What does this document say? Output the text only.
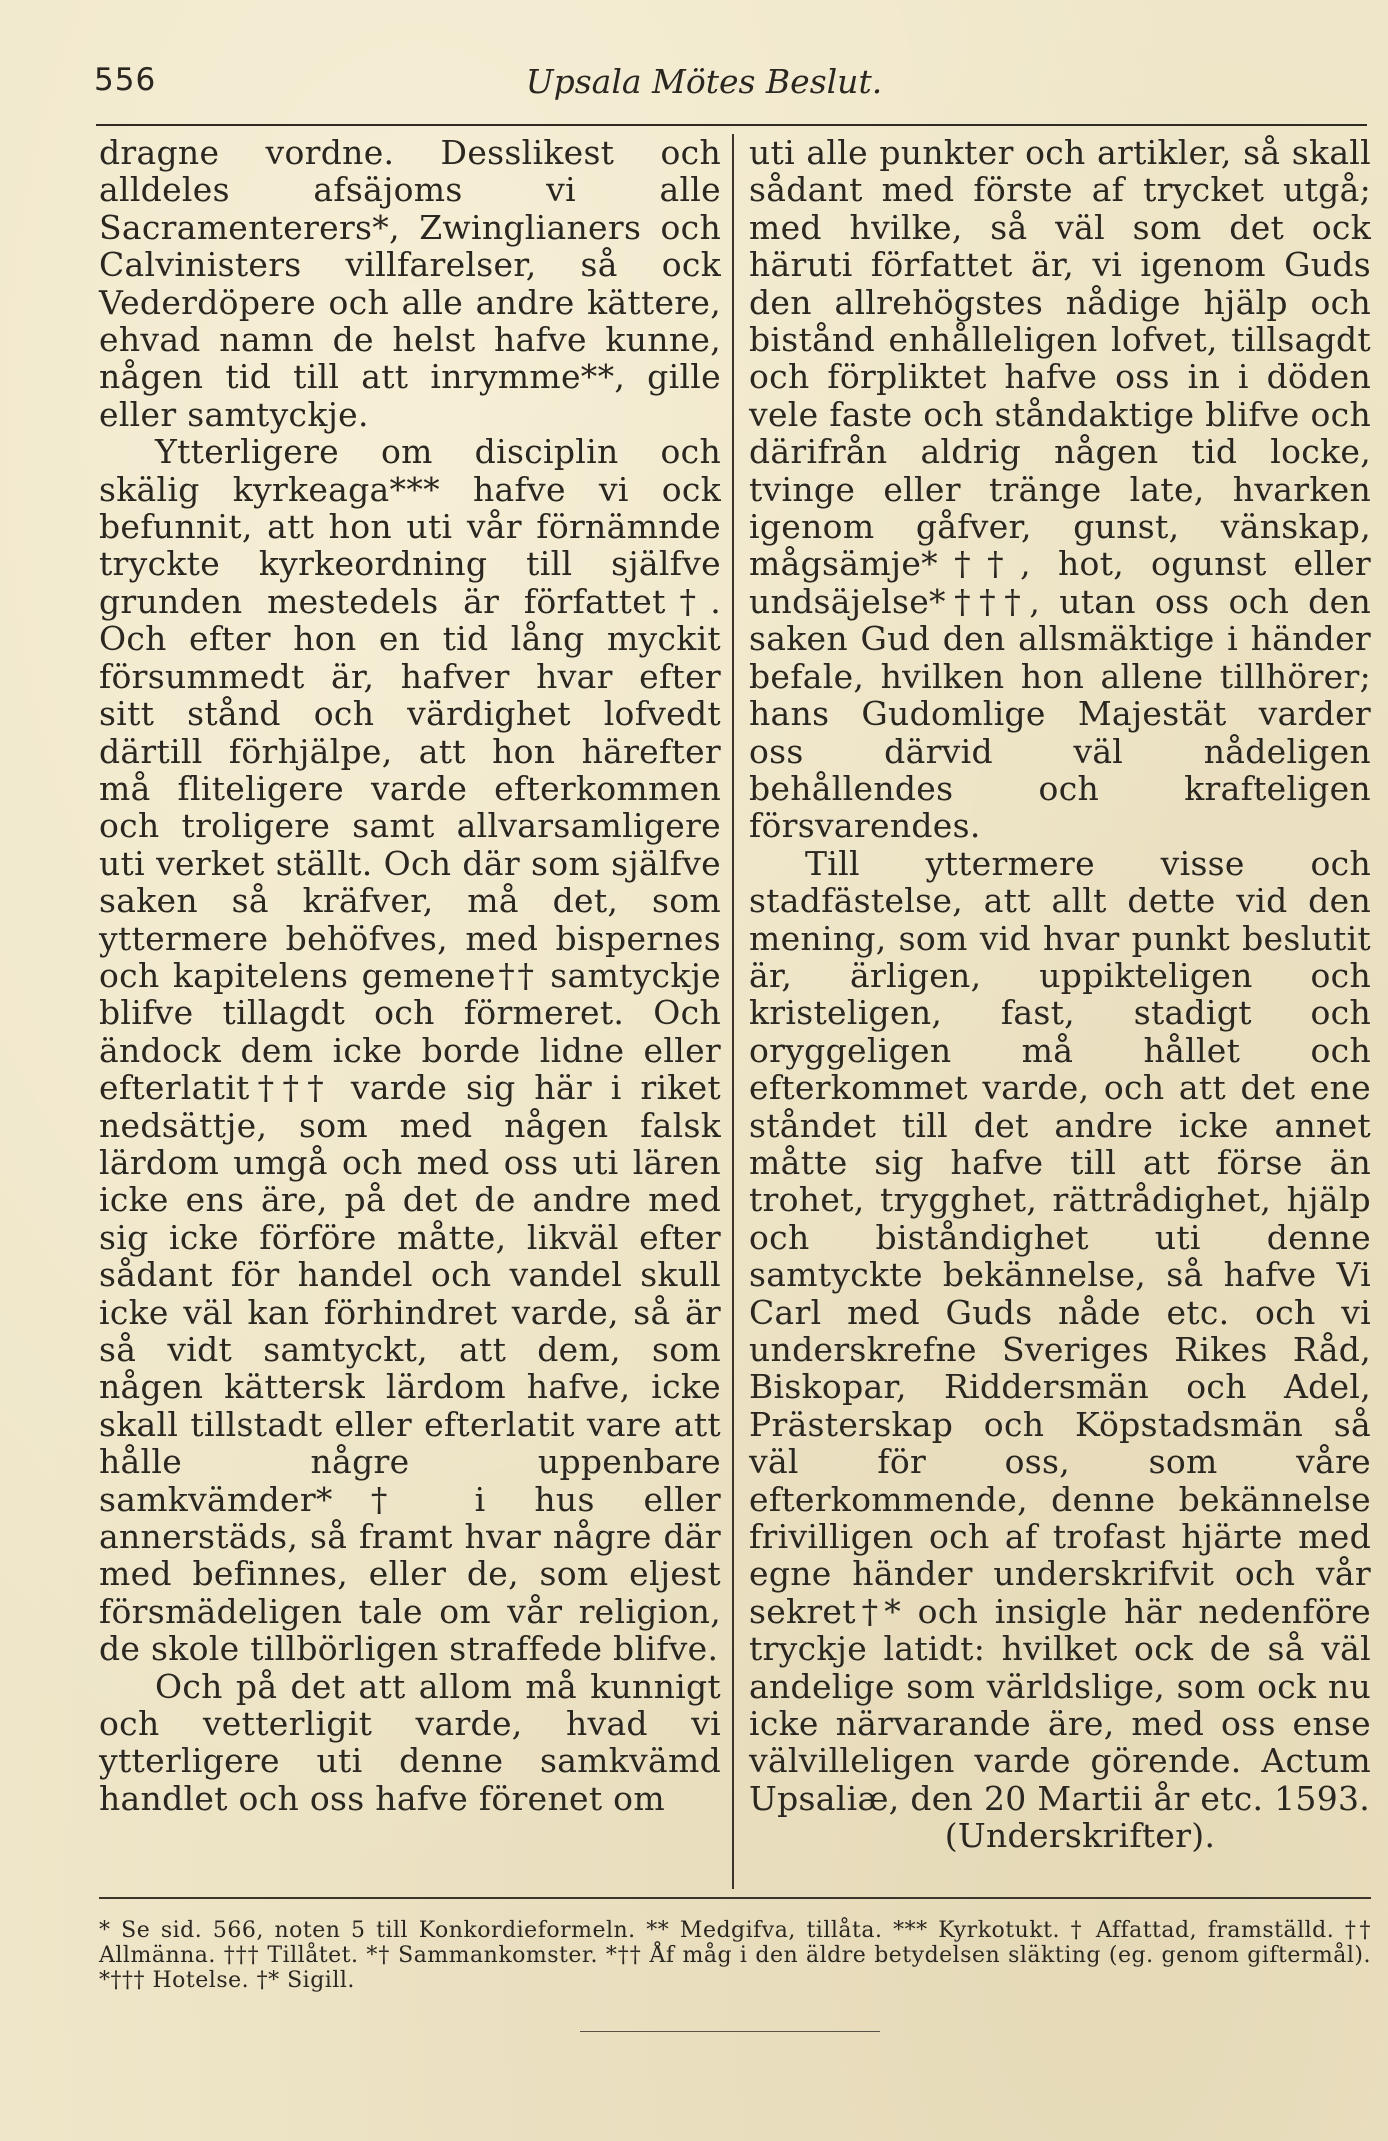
556	Upsala Mötes Beslut.

dragne vordne. Desslikest och alldeles afsäjoms vi alle Sacramenterers*, Zwinglianers och Calvinisters villfarelser, så ock Vederdöpere och alle andre kättere, ehvad namn de helst hafve kunne, någen tid till att inrymme**, gille eller samtyckje.

Ytterligere om disciplin och skälig kyrkeaga*** hafve vi ock befunnit, att hon uti vår förnämnde tryckte kyrkeordning till själfve grunden mestedels är författet†. Och efter hon en tid lång myckit försummedt är, hafver hvar efter sitt stånd och värdighet lofvedt därtill förhjälpe, att hon härefter må fliteligere varde efterkommen och troligere samt allvarsamligere uti verket ställt. Och där som själfve saken så kräfver, må det, som yttermere behöfves, med bispernes och kapitelens gemene†† samtyckje blifve tillagdt och förmeret. Och ändock dem icke borde lidne eller efterlatit††† varde sig här i riket nedsättje, som med någen falsk lärdom umgå och med oss uti lären icke ens äre, på det de andre med sig icke förföre måtte, likväl efter sådant för handel och vandel skull icke väl kan förhindret varde, så är så vidt samtyckt, att dem, som någen kättersk lärdom hafve, icke skall tillstadt eller efterlatit vare att hålle någre uppenbare samkvämder*† i hus eller annerstäds, så framt hvar någre där med befinnes, eller de, som eljest försmädeligen tale om vår religion, de skole tillbörligen straffede blifve.

Och på det att allom må kunnigt och vetterligit varde, hvad vi ytterligere uti denne samkvämd handlet och oss hafve förenet om

uti alle punkter och artikler, så skall sådant med förste af trycket utgå; med hvilke, så väl som det ock häruti författet är, vi igenom Guds den allrehögstes nådige hjälp och bistånd enhålleligen lofvet, tillsagdt och förpliktet hafve oss in i döden vele faste och ståndaktige blifve och därifrån aldrig någen tid locke, tvinge eller tränge late, hvarken igenom gåfver, gunst, vänskap, mågsämje*††, hot, ogunst eller undsäjelse*†††, utan oss och den saken Gud den allsmäktige i händer befale, hvilken hon allene tillhörer; hans Gudomlige Majestät varder oss därvid väl nådeligen behållendes och krafteligen försvarendes.

Till yttermere visse och stadfästelse, att allt dette vid den mening, som vid hvar punkt beslutit är, ärligen, uppikteligen och kristeligen, fast, stadigt och oryggeligen må hållet och efterkommet varde, och att det ene ståndet till det andre icke annet måtte sig hafve till att förse än trohet, trygghet, rättrådighet, hjälp och biståndighet uti denne samtyckte bekännelse, så hafve Vi Carl med Guds nåde etc. och vi underskrefne Sveriges Rikes Råd, Biskopar, Riddersmän och Adel, Prästerskap och Köpstadsmän så väl för oss, som våre efterkommende, denne bekännelse frivilligen och af trofast hjärte med egne händer underskrifvit och vår sekret†* och insigle här nedenföre tryckje latidt: hvilket ock de så väl andelige som världslige, som ock nu icke närvarande äre, med oss ense välvilleligen varde görende. Actum Upsaliæ, den 20 Martii år etc. 1593.

(Underskrifter).

* Se sid. 566, noten 5 till Konkordieformeln. ** Medgifva, tillåta. *** Kyrkotukt. † Affattad, framställd. †† Allmänna. ††† Tillåtet. *† Sammankomster. *†† Åf måg i den äldre betydelsen släkting (eg. genom giftermål). *††† Hotelse. †* Sigill.
